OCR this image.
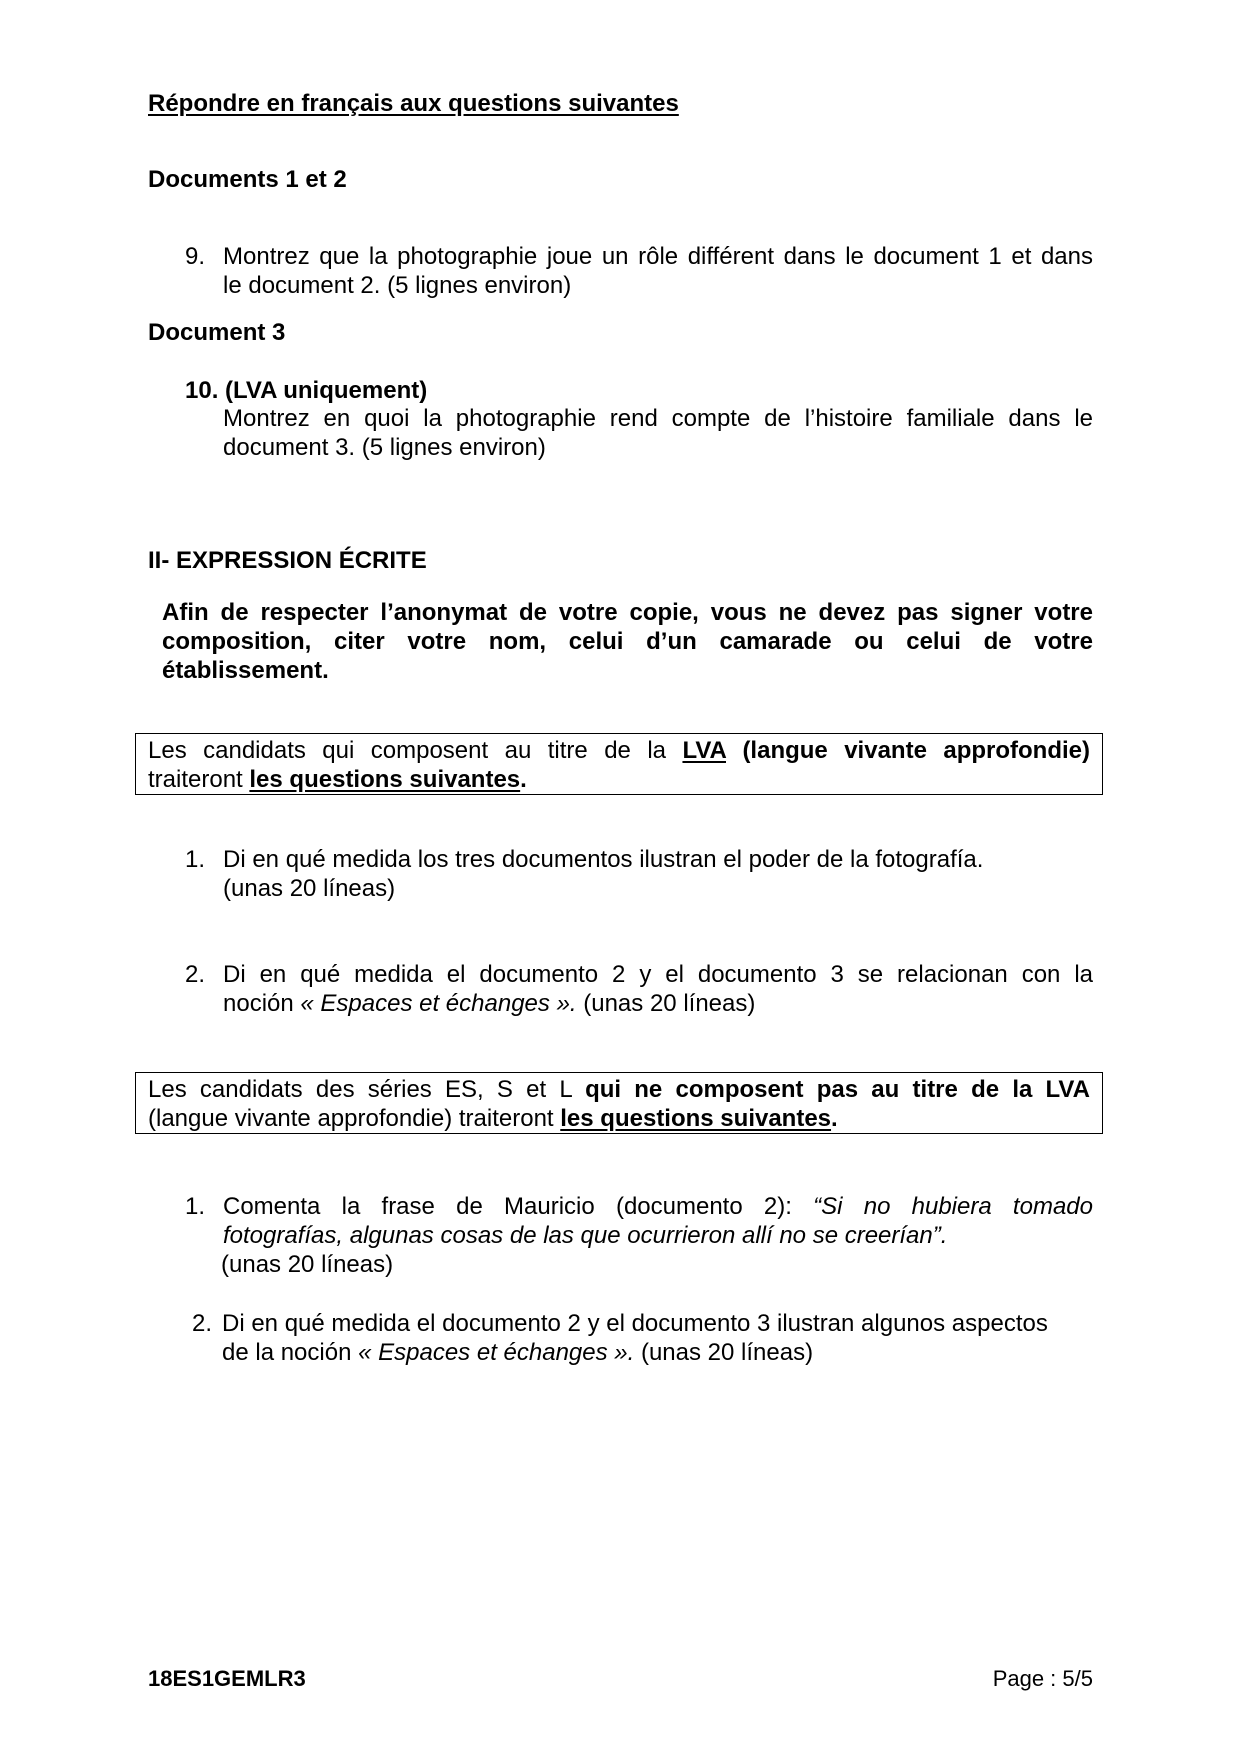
Répondre en français aux questions suivantes
Documents 1 et 2
9. Montrez que la photographie joue un rôle différent dans le document 1 et dans
le document 2. (5 lignes environ)
Document 3
10. (LVA uniquement)
Montrez en quoi la photographie rend compte de l’histoire familiale dans le
document 3. (5 lignes environ)
II- EXPRESSION ÉCRITE
Afin de respecter l’anonymat de votre copie, vous ne devez pas signer votre
composition, citer votre nom, celui d’un camarade ou celui de votre
établissement.
Les candidats qui composent au titre de la LVA (langue vivante approfondie)
traiteront les questions suivantes.
1. Di en qué medida los tres documentos ilustran el poder de la fotografía.
(unas 20 líneas)
2. Di en qué medida el documento 2 y el documento 3 se relacionan con la
noción « Espaces et échanges ». (unas 20 líneas)
Les candidats des séries ES, S et L qui ne composent pas au titre de la LVA
(langue vivante approfondie) traiteront les questions suivantes.
1. Comenta la frase de Mauricio (documento 2): “Si no hubiera tomado
fotografías, algunas cosas de las que ocurrieron allí no se creerían”.
(unas 20 líneas)
2. Di en qué medida el documento 2 y el documento 3 ilustran algunos aspectos
de la noción « Espaces et échanges ». (unas 20 líneas)
18ES1GEMLR3	Page : 5/5
